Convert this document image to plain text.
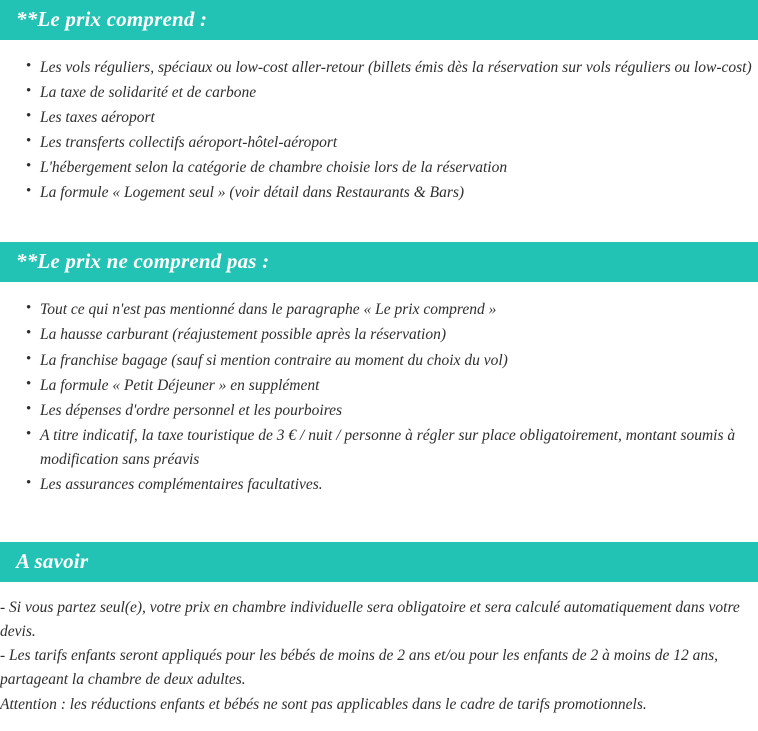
**Le prix comprend :
• Les vols réguliers, spéciaux ou low-cost aller-retour (billets émis dès la réservation sur vols réguliers ou low-cost)
• La taxe de solidarité et de carbone
• Les taxes aéroport
• Les transferts collectifs aéroport-hôtel-aéroport
• L'hébergement selon la catégorie de chambre choisie lors de la réservation
• La formule « Logement seul » (voir détail dans Restaurants & Bars)
**Le prix ne comprend pas :
• Tout ce qui n'est pas mentionné dans le paragraphe « Le prix comprend »
• La hausse carburant (réajustement possible après la réservation)
• La franchise bagage (sauf si mention contraire au moment du choix du vol)
• La formule « Petit Déjeuner » en supplément
• Les dépenses d'ordre personnel et les pourboires
• A titre indicatif, la taxe touristique de 3 € / nuit / personne à régler sur place obligatoirement, montant soumis à modification sans préavis
• Les assurances complémentaires facultatives.
A savoir

- Si vous partez seul(e), votre prix en chambre individuelle sera obligatoire et sera calculé automatiquement dans votre devis.

- Les tarifs enfants seront appliqués pour les bébés de moins de 2 ans et/ou pour les enfants de 2 à moins de 12 ans, partageant la chambre de deux adultes.

Attention : les réductions enfants et bébés ne sont pas applicables dans le cadre de tarifs promotionnels.
